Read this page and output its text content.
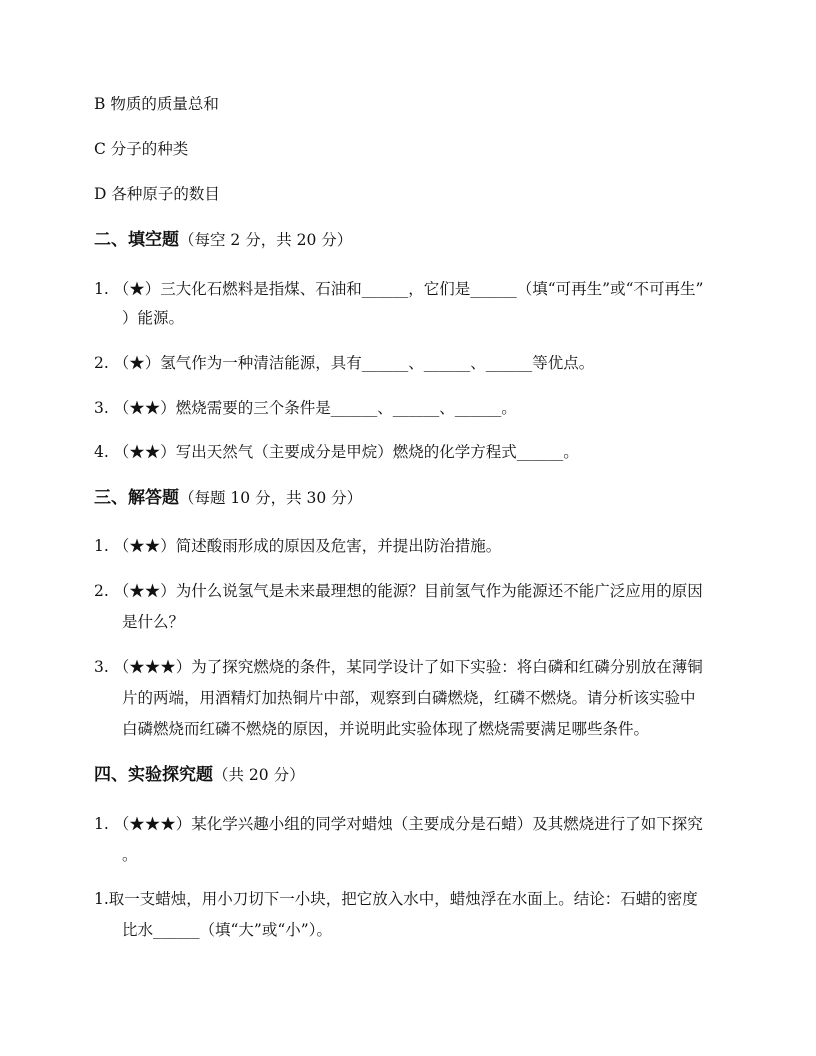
B 物质的质量总和

C 分子的种类

D 各种原子的数目

二、填空题（每空 2 分，共 20 分）

1. （★）三大化石燃料是指煤、石油和______，它们是______（填“可再生”或“不可再生”

）能源。

2. （★）氢气作为一种清洁能源，具有______、______、______等优点。

3. （★★）燃烧需要的三个条件是______、______、______。

4. （★★）写出天然气（主要成分是甲烷）燃烧的化学方程式______。

三、解答题（每题 10 分，共 30 分）

1. （★★）简述酸雨形成的原因及危害，并提出防治措施。

2. （★★）为什么说氢气是未来最理想的能源？目前氢气作为能源还不能广泛应用的原因

是什么？

3. （★★★）为了探究燃烧的条件，某同学设计了如下实验：将白磷和红磷分别放在薄铜

片的两端，用酒精灯加热铜片中部，观察到白磷燃烧，红磷不燃烧。请分析该实验中

白磷燃烧而红磷不燃烧的原因，并说明此实验体现了燃烧需要满足哪些条件。

四、实验探究题（共 20 分）

1. （★★★）某化学兴趣小组的同学对蜡烛（主要成分是石蜡）及其燃烧进行了如下探究

。

1.取一支蜡烛，用小刀切下一小块，把它放入水中，蜡烛浮在水面上。结论：石蜡的密度

比水______（填“大”或“小”）。
